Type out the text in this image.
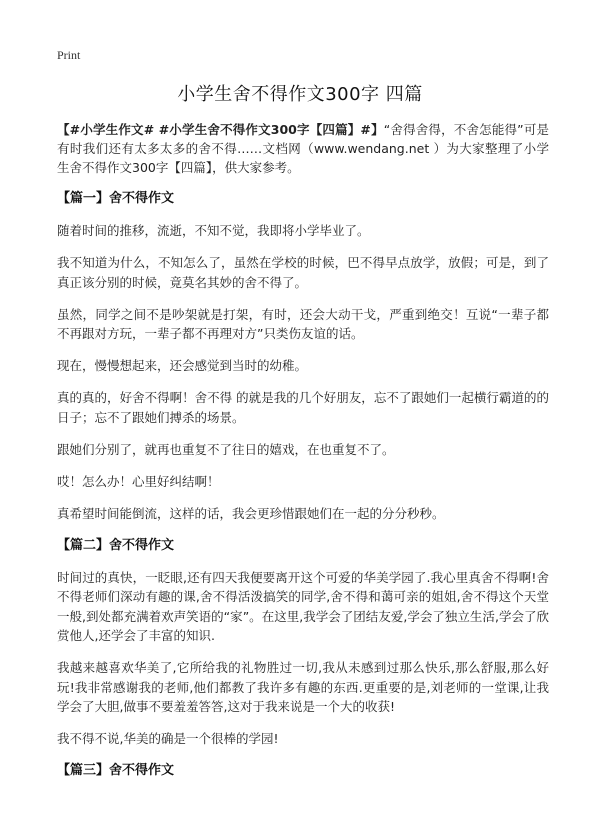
Print
小学生舍不得作文300字 四篇

【#小学生作文# #小学生舍不得作文300字【四篇】#】“舍得舍得，不舍怎能得”可是有时我们还有太多太多的舍不得……文档网（www.wendang.net ）为大家整理了小学生舍不得作文300字【四篇】，供大家参考。

【篇一】舍不得作文

随着时间的推移，流逝，不知不觉，我即将小学毕业了。

我不知道为什么，不知怎么了，虽然在学校的时候，巴不得早点放学，放假；可是，到了真正该分别的时候，竟莫名其妙的舍不得了。

虽然，同学之间不是吵架就是打架，有时，还会大动干戈，严重到绝交！互说“一辈子都不再跟对方玩，一辈子都不再理对方”只类伤友谊的话。

现在，慢慢想起来，还会感觉到当时的幼稚。

真的真的，好舍不得啊！舍不得 的就是我的几个好朋友，忘不了跟她们一起横行霸道的的日子；忘不了跟她们搏杀的场景。

跟她们分别了，就再也重复不了往日的嬉戏，在也重复不了。

哎！怎么办！心里好纠结啊！

真希望时间能倒流，这样的话，我会更珍惜跟她们在一起的分分秒秒。

【篇二】舍不得作文

时间过的真快，一眨眼,还有四天我便要离开这个可爱的华美学园了.我心里真舍不得啊!舍不得老师们深动有趣的课,舍不得活泼搞笑的同学,舍不得和蔼可亲的姐姐,舍不得这个天堂一般,到处都充满着欢声笑语的“家”。在这里,我学会了团结友爱,学会了独立生活,学会了欣赏他人,还学会了丰富的知识.

我越来越喜欢华美了,它所给我的礼物胜过一切,我从未感到过那么快乐,那么舒服,那么好玩!我非常感谢我的老师,他们都教了我许多有趣的东西.更重要的是,刘老师的一堂课,让我学会了大胆,做事不要羞羞答答,这对于我来说是一个大的收获!

我不得不说,华美的确是一个很棒的学园!

【篇三】舍不得作文
